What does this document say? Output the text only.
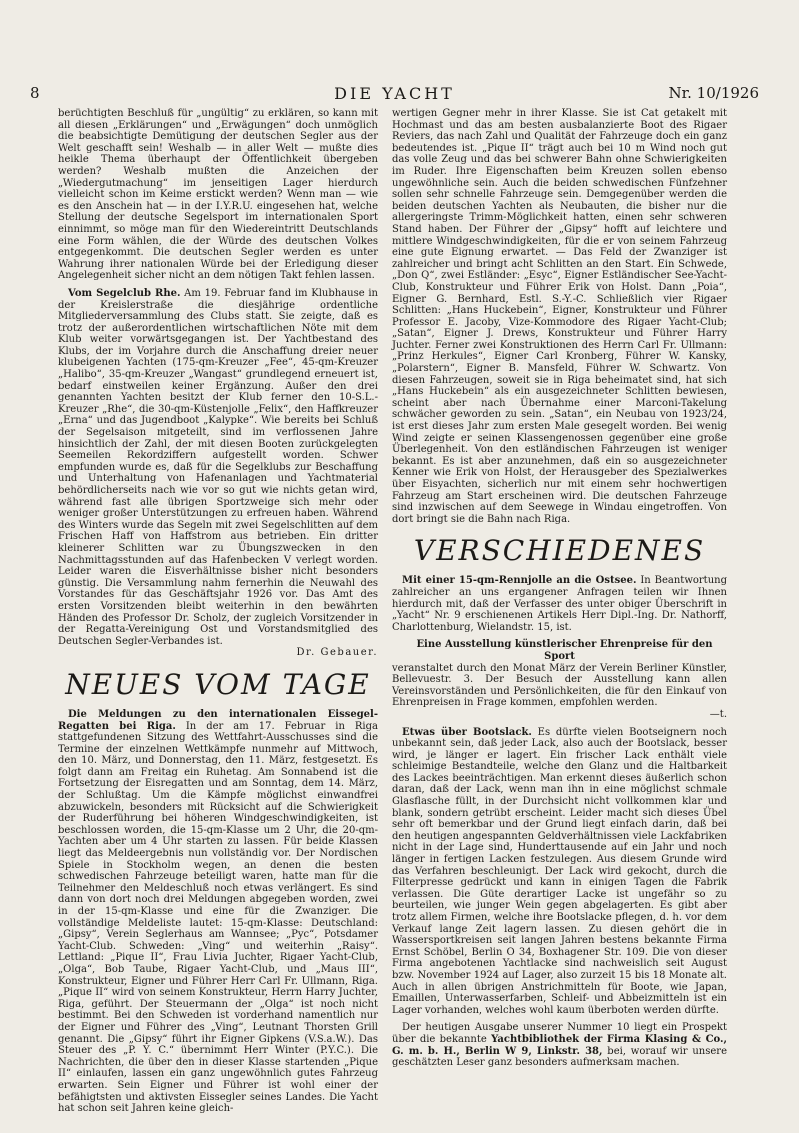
8	DIE YACHT	Nr. 10/1926

berüchtigten Beschluß für „ungültig“ zu erklären, so kann mit all diesen „Erklärungen“ und „Erwägungen“ doch unmöglich die beabsichtigte Demütigung der deutschen Segler aus der Welt geschafft sein! Weshalb — in aller Welt — mußte dies heikle Thema überhaupt der Öffentlichkeit übergeben werden? Weshalb mußten die Anzeichen der „Wiedergutmachung“ im jenseitigen Lager hierdurch vielleicht schon im Keime erstickt werden? Wenn man — wie es den Anschein hat — in der I.Y.R.U. eingesehen hat, welche Stellung der deutsche Segelsport im internationalen Sport einnimmt, so möge man für den Wiedereintritt Deutschlands eine Form wählen, die der Würde des deutschen Volkes entgegenkommt. Die deutschen Segler werden es unter Wahrung ihrer nationalen Würde bei der Erledigung dieser Angelegenheit sicher nicht an dem nötigen Takt fehlen lassen.

Vom Segelclub Rhe. Am 19. Februar fand im Klubhause in der Kreislerstraße die diesjährige ordentliche Mitgliederversammlung des Clubs statt. Sie zeigte, daß es trotz der außerordentlichen wirtschaftlichen Nöte mit dem Klub weiter vorwärtsgegangen ist. Der Yachtbestand des Klubs, der im Vorjahre durch die Anschaffung dreier neuer klubeigenen Yachten (175-qm-Kreuzer „Fee“, 45-qm-Kreuzer „Halibo“, 35-qm-Kreuzer „Wangast“ grundlegend erneuert ist, bedarf einstweilen keiner Ergänzung. Außer den drei genannten Yachten besitzt der Klub ferner den 10-S.L.-Kreuzer „Rhe“, die 30-qm-Küstenjolle „Felix“, den Haffkreuzer „Erna“ und das Jugendboot „Kalypke“. Wie bereits bei Schluß der Segelsaison mitgeteilt, sind im verflossenen Jahre hinsichtlich der Zahl, der mit diesen Booten zurückgelegten Seemeilen Rekordziffern aufgestellt worden. Schwer empfunden wurde es, daß für die Segelklubs zur Beschaffung und Unterhaltung von Hafenanlagen und Yachtmaterial behördlicherseits nach wie vor so gut wie nichts getan wird, während fast alle übrigen Sportzweige sich mehr oder weniger großer Unterstützungen zu erfreuen haben. Während des Winters wurde das Segeln mit zwei Segelschlitten auf dem Frischen Haff von Haffstrom aus betrieben. Ein dritter kleinerer Schlitten war zu Übungszwecken in den Nachmittagsstunden auf das Hafenbecken V verlegt worden. Leider waren die Eisverhältnisse bisher nicht besonders günstig. Die Versammlung nahm fernerhin die Neuwahl des Vorstandes für das Geschäftsjahr 1926 vor. Das Amt des ersten Vorsitzenden bleibt weiterhin in den bewährten Händen des Professor Dr. Scholz, der zugleich Vorsitzender in der Regatta-Vereinigung Ost und Vorstandsmitglied des Deutschen Segler-Verbandes ist.
Dr. Gebauer.

NEUES VOM TAGE

Die Meldungen zu den internationalen Eissegel-Regatten bei Riga. In der am 17. Februar in Riga stattgefundenen Sitzung des Wettfahrt-Ausschusses sind die Termine der einzelnen Wettkämpfe nunmehr auf Mittwoch, den 10. März, und Donnerstag, den 11. März, festgesetzt. Es folgt dann am Freitag ein Ruhetag. Am Sonnabend ist die Fortsetzung der Eisregatten und am Sonntag, dem 14. März, der Schlußtag. Um die Kämpfe möglichst einwandfrei abzuwickeln, besonders mit Rücksicht auf die Schwierigkeit der Ruderführung bei höheren Windgeschwindigkeiten, ist beschlossen worden, die 15-qm-Klasse um 2 Uhr, die 20-qm-Yachten aber um 4 Uhr starten zu lassen. Für beide Klassen liegt das Meldeergebnis nun vollständig vor. Der Nordischen Spiele in Stockholm wegen, an denen die besten schwedischen Fahrzeuge beteiligt waren, hatte man für die Teilnehmer den Meldeschluß noch etwas verlängert. Es sind dann von dort noch drei Meldungen abgegeben worden, zwei in der 15-qm-Klasse und eine für die Zwanziger. Die vollständige Meldeliste lautet: 15-qm-Klasse: Deutschland: „Gipsy“, Verein Seglerhaus am Wannsee; „Pyc“, Potsdamer Yacht-Club. Schweden: „Ving“ und weiterhin „Raisy“. Lettland: „Pique II“, Frau Livia Juchter, Rigaer Yacht-Club, „Olga“, Bob Taube, Rigaer Yacht-Club, und „Maus III“, Konstrukteur, Eigner und Führer Herr Carl Fr. Ullmann, Riga. „Pique II“ wird von seinem Konstrukteur, Herrn Harry Juchter, Riga, geführt. Der Steuermann der „Olga“ ist noch nicht bestimmt. Bei den Schweden ist vorderhand namentlich nur der Eigner und Führer des „Ving“, Leutnant Thorsten Grill genannt. Die „Gipsy“ führt ihr Eigner Gipkens (V.S.a.W.). Das Steuer des „P. Y. C.“ übernimmt Herr Winter (P.Y.C.). Die Nachrichten, die über den in dieser Klasse startenden „Pique II“ einlaufen, lassen ein ganz ungewöhnlich gutes Fahrzeug erwarten. Sein Eigner und Führer ist wohl einer der befähigtsten und aktivsten Eissegler seines Landes. Die Yacht hat schon seit Jahren keine gleich-

wertigen Gegner mehr in ihrer Klasse. Sie ist Cat getakelt mit Hochmast und das am besten ausbalanzierte Boot des Rigaer Reviers, das nach Zahl und Qualität der Fahrzeuge doch ein ganz bedeutendes ist. „Pique II“ trägt auch bei 10 m Wind noch gut das volle Zeug und das bei schwerer Bahn ohne Schwierigkeiten im Ruder. Ihre Eigenschaften beim Kreuzen sollen ebenso ungewöhnliche sein. Auch die beiden schwedischen Fünfzehner sollen sehr schnelle Fahrzeuge sein. Demgegenüber werden die beiden deutschen Yachten als Neubauten, die bisher nur die allergeringste Trimm-Möglichkeit hatten, einen sehr schweren Stand haben. Der Führer der „Gipsy“ hofft auf leichtere und mittlere Windgeschwindigkeiten, für die er von seinem Fahrzeug eine gute Eignung erwartet. — Das Feld der Zwanziger ist zahlreicher und bringt acht Schlitten an den Start. Ein Schwede, „Don Q“, zwei Estländer: „Esyc“, Eigner Estländischer See-Yacht-Club, Konstrukteur und Führer Erik von Holst. Dann „Poia“, Eigner G. Bernhard, Estl. S.-Y.-C. Schließlich vier Rigaer Schlitten: „Hans Huckebein“, Eigner, Konstrukteur und Führer Professor E. Jacoby, Vize-Kommodore des Rigaer Yacht-Club; „Satan“, Eigner J. Drews, Konstrukteur und Führer Harry Juchter. Ferner zwei Konstruktionen des Herrn Carl Fr. Ullmann: „Prinz Herkules“, Eigner Carl Kronberg, Führer W. Kansky, „Polarstern“, Eigner B. Mansfeld, Führer W. Schwartz. Von diesen Fahrzeugen, soweit sie in Riga beheimatet sind, hat sich „Hans Huckebein“ als ein ausgezeichneter Schlitten bewiesen, scheint aber nach Übernahme einer Marconi-Takelung schwächer geworden zu sein. „Satan“, ein Neubau von 1923/24, ist erst dieses Jahr zum ersten Male gesegelt worden. Bei wenig Wind zeigte er seinen Klassengenossen gegenüber eine große Überlegenheit. Von den estländischen Fahrzeugen ist weniger bekannt. Es ist aber anzunehmen, daß ein so ausgezeichneter Kenner wie Erik von Holst, der Herausgeber des Spezialwerkes über Eisyachten, sicherlich nur mit einem sehr hochwertigen Fahrzeug am Start erscheinen wird. Die deutschen Fahrzeuge sind inzwischen auf dem Seewege in Windau eingetroffen. Von dort bringt sie die Bahn nach Riga.

VERSCHIEDENES

Mit einer 15-qm-Rennjolle an die Ostsee. In Beantwortung zahlreicher an uns ergangener Anfragen teilen wir Ihnen hierdurch mit, daß der Verfasser des unter obiger Überschrift in „Yacht“ Nr. 9 erschienenen Artikels Herr Dipl.-Ing. Dr. Nathorff, Charlottenburg, Wielandstr. 15, ist.

Eine Ausstellung künstlerischer Ehrenpreise für den Sport
veranstaltet durch den Monat März der Verein Berliner Künstler, Bellevuestr. 3. Der Besuch der Ausstellung kann allen Vereinsvorständen und Persönlichkeiten, die für den Einkauf von Ehrenpreisen in Frage kommen, empfohlen werden.
—t.

Etwas über Bootslack. Es dürfte vielen Bootseignern noch unbekannt sein, daß jeder Lack, also auch der Bootslack, besser wird, je länger er lagert. Ein frischer Lack enthält viele schleimige Bestandteile, welche den Glanz und die Haltbarkeit des Lackes beeinträchtigen. Man erkennt dieses äußerlich schon daran, daß der Lack, wenn man ihn in eine möglichst schmale Glasflasche füllt, in der Durchsicht nicht vollkommen klar und blank, sondern getrübt erscheint. Leider macht sich dieses Übel sehr oft bemerkbar und der Grund liegt einfach darin, daß bei den heutigen angespannten Geldverhältnissen viele Lackfabriken nicht in der Lage sind, Hunderttausende auf ein Jahr und noch länger in fertigen Lacken festzulegen. Aus diesem Grunde wird das Verfahren beschleunigt. Der Lack wird gekocht, durch die Filterpresse gedrückt und kann in einigen Tagen die Fabrik verlassen. Die Güte derartiger Lacke ist ungefähr so zu beurteilen, wie junger Wein gegen abgelagerten. Es gibt aber trotz allem Firmen, welche ihre Bootslacke pflegen, d. h. vor dem Verkauf lange Zeit lagern lassen. Zu diesen gehört die in Wassersportkreisen seit langen Jahren bestens bekannte Firma Ernst Schöbel, Berlin O 34, Boxhagener Str. 109. Die von dieser Firma angebotenen Yachtlacke sind nachweislich seit August bzw. November 1924 auf Lager, also zurzeit 15 bis 18 Monate alt. Auch in allen übrigen Anstrichmitteln für Boote, wie Japan, Emaillen, Unterwasserfarben, Schleif- und Abbeizmitteln ist ein Lager vorhanden, welches wohl kaum überboten werden dürfte.

Der heutigen Ausgabe unserer Nummer 10 liegt ein Prospekt über die bekannte Yachtbibliothek der Firma Klasing & Co., G. m. b. H., Berlin W 9, Linkstr. 38, bei, worauf wir unsere geschätzten Leser ganz besonders aufmerksam machen.
